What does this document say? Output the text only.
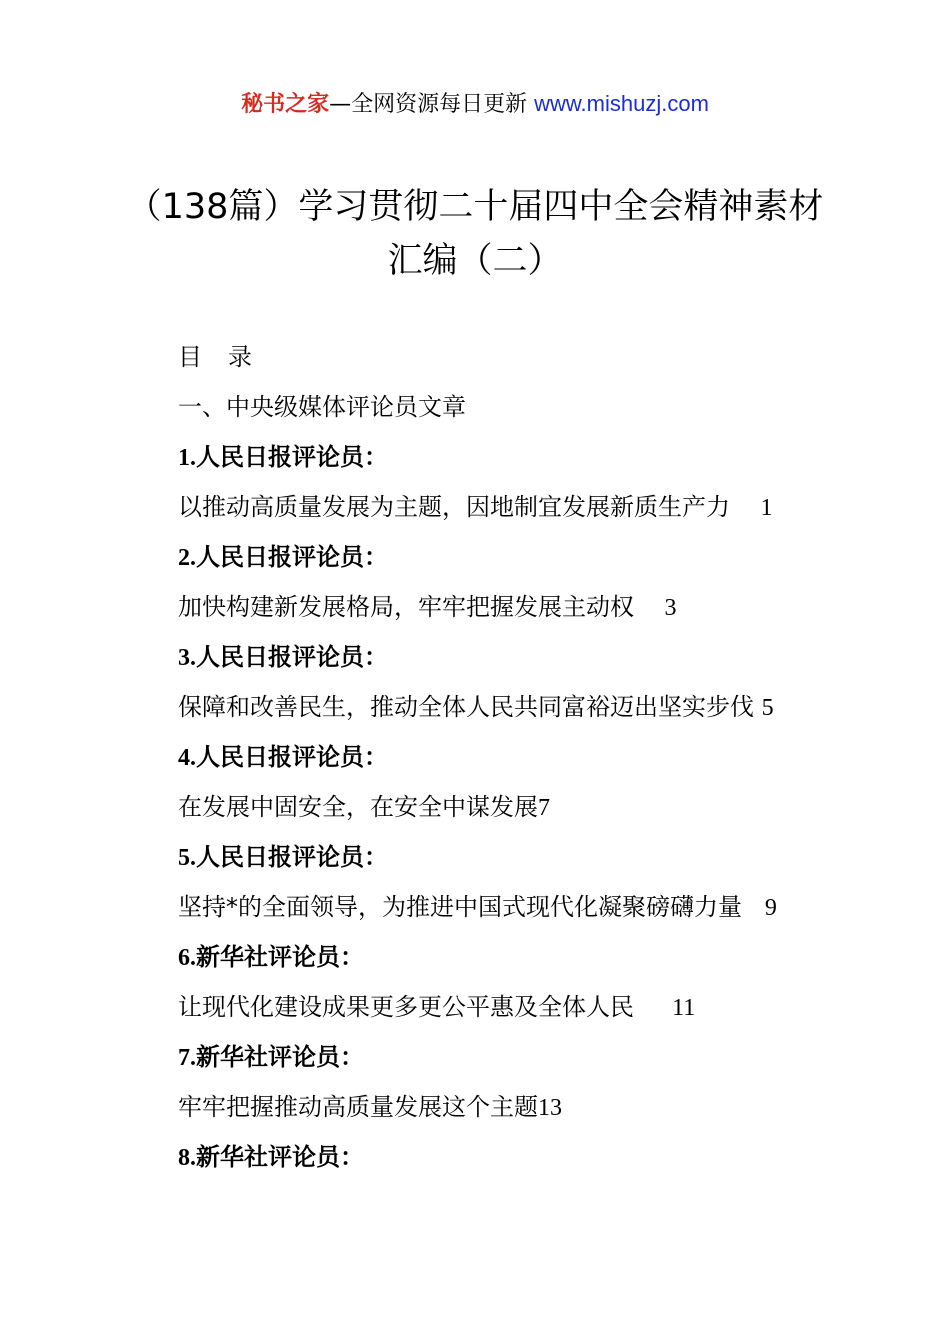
秘书之家—全网资源每日更新 www.mishuzj.com
（138篇）学习贯彻二十届四中全会精神素材
汇编（二）
目 录
一、中央级媒体评论员文章
1.人民日报评论员：
以推动高质量发展为主题，因地制宜发展新质生产力 1
2.人民日报评论员：
加快构建新发展格局，牢牢把握发展主动权 3
3.人民日报评论员：
保障和改善民生，推动全体人民共同富裕迈出坚实步伐 5
4.人民日报评论员：
在发展中固安全，在安全中谋发展7
5.人民日报评论员：
坚持*的全面领导，为推进中国式现代化凝聚磅礴力量 9
6.新华社评论员：
让现代化建设成果更多更公平惠及全体人民 11
7.新华社评论员：
牢牢把握推动高质量发展这个主题13
8.新华社评论员：
